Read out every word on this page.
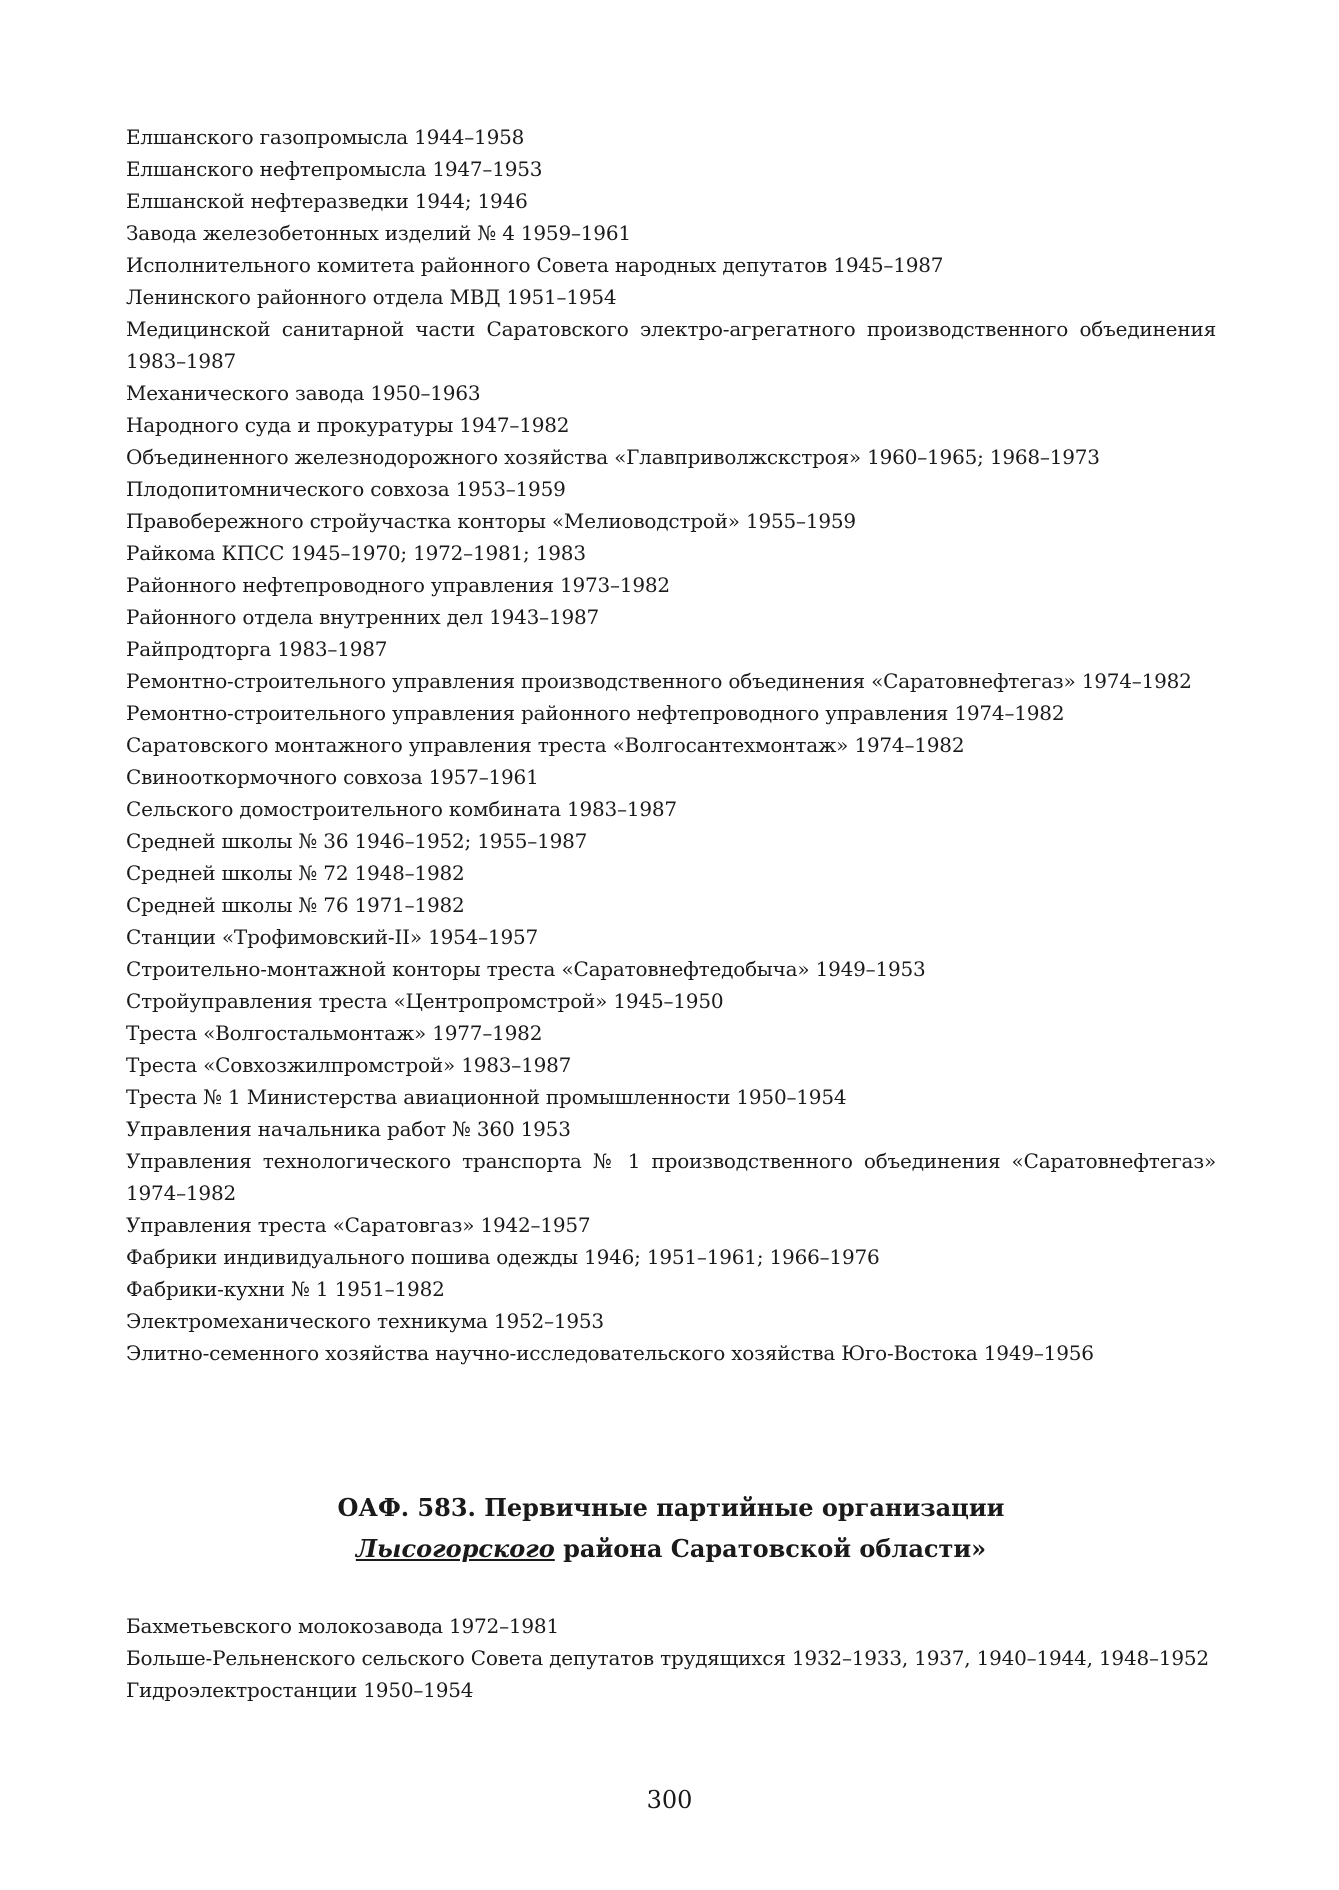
Елшанского газопромысла 1944–1958
Елшанского нефтепромысла 1947–1953
Елшанской нефтеразведки 1944; 1946
Завода железобетонных изделий № 4 1959–1961
Исполнительного комитета районного Совета народных депутатов 1945–1987
Ленинского районного отдела МВД 1951–1954
Медицинской санитарной части Саратовского электро-агрегатного производственного объединения 1983–1987
Механического завода 1950–1963
Народного суда и прокуратуры 1947–1982
Объединенного железнодорожного хозяйства «Главприволжскстроя» 1960–1965; 1968–1973
Плодопитомнического совхоза 1953–1959
Правобережного стройучастка конторы «Мелиоводстрой» 1955–1959
Райкома КПСС 1945–1970; 1972–1981; 1983
Районного нефтепроводного управления 1973–1982
Районного отдела внутренних дел 1943–1987
Райпродторга 1983–1987
Ремонтно-строительного управления производственного объединения «Саратовнефтегаз» 1974–1982
Ремонтно-строительного управления районного нефтепроводного управления 1974–1982
Саратовского монтажного управления треста «Волгосантехмонтаж» 1974–1982
Свинооткормочного совхоза 1957–1961
Сельского домостроительного комбината 1983–1987
Средней школы № 36 1946–1952; 1955–1987
Средней школы № 72 1948–1982
Средней школы № 76 1971–1982
Станции «Трофимовский-II» 1954–1957
Строительно-монтажной конторы треста «Саратовнефтедобыча» 1949–1953
Стройуправления треста «Центропромстрой» 1945–1950
Треста «Волгостальмонтаж» 1977–1982
Треста «Совхозжилпромстрой» 1983–1987
Треста № 1 Министерства авиационной промышленности 1950–1954
Управления начальника работ № 360 1953
Управления технологического транспорта № 1 производственного объединения «Саратовнефтегаз» 1974–1982
Управления треста «Саратовгаз» 1942–1957
Фабрики индивидуального пошива одежды 1946; 1951–1961; 1966–1976
Фабрики-кухни № 1 1951–1982
Электромеханического техникума 1952–1953
Элитно-семенного хозяйства научно-исследовательского хозяйства Юго-Востока 1949–1956
ОАФ. 583. Первичные партийные организации
Лысогорского района Саратовской области»
Бахметьевского молокозавода 1972–1981
Больше-Рельненского сельского Совета депутатов трудящихся 1932–1933, 1937, 1940–1944, 1948–1952
Гидроэлектростанции 1950–1954
300
